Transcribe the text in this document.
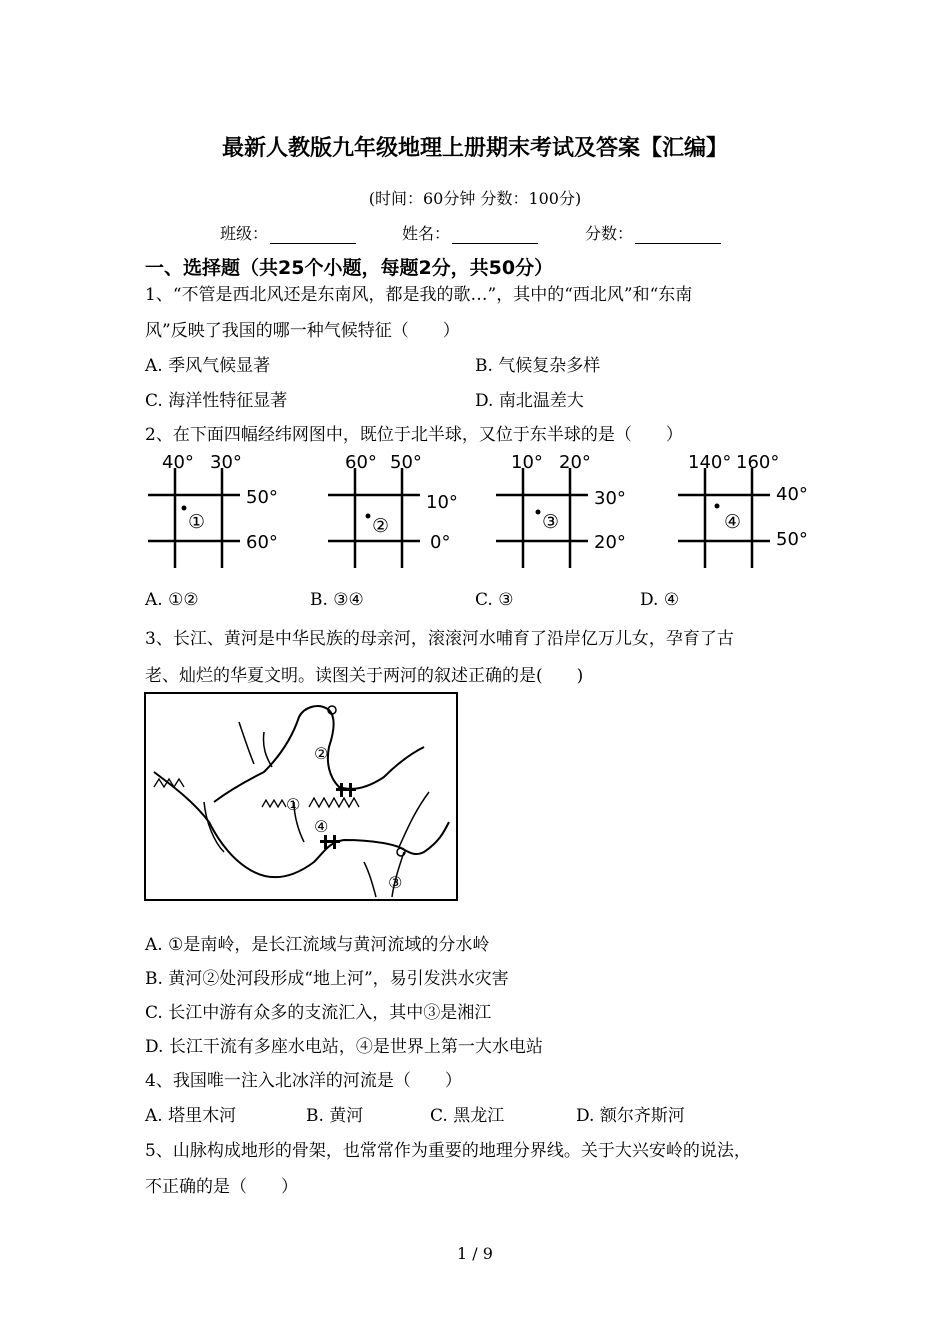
最新人教版九年级地理上册期末考试及答案【汇编】
(时间：60分钟 分数：100分)
班级：	姓名：	分数：
一、选择题（共25个小题，每题2分，共50分）
1、“不管是西北风还是东南风，都是我的歌…”，其中的“西北风”和“东南
风”反映了我国的哪一种气候特征（　　）
A. 季风气候显著	B. 气候复杂多样
C. 海洋性特征显著	D. 南北温差大
2、在下面四幅经纬网图中，既位于北半球，又位于东半球的是（　　）
40° 30°
50°
60°
①
60° 50°
10°
0°
②
10° 20°
30°
20°
③
140° 160°
40°
50°
④
A. ①②	B. ③④	C. ③	D. ④
3、长江、黄河是中华民族的母亲河，滚滚河水哺育了沿岸亿万儿女，孕育了古
老、灿烂的华夏文明。读图关于两河的叙述正确的是(　　)
②
①
④
③
A. ①是南岭，是长江流域与黄河流域的分水岭
B. 黄河②处河段形成“地上河”，易引发洪水灾害
C. 长江中游有众多的支流汇入，其中③是湘江
D. 长江干流有多座水电站，④是世界上第一大水电站
4、我国唯一注入北冰洋的河流是（　　）
A. 塔里木河	B. 黄河	C. 黑龙江	D. 额尔齐斯河
5、山脉构成地形的骨架，也常常作为重要的地理分界线。关于大兴安岭的说法，
不正确的是（　　）
1 / 9
